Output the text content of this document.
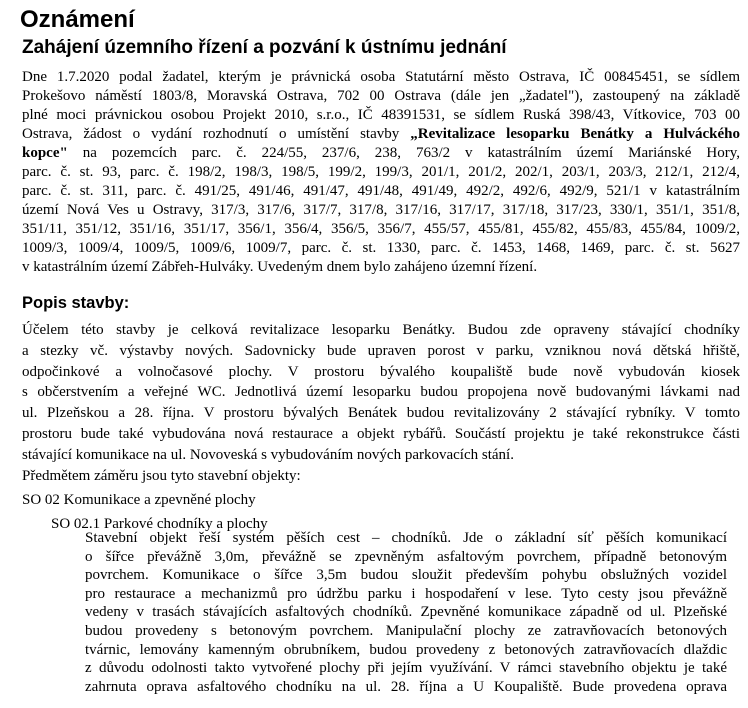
Oznámení
Zahájení územního řízení a pozvání k ústnímu jednání
Dne 1.7.2020 podal žadatel, kterým je právnická osoba Statutární město Ostrava, IČ 00845451, se sídlem
Prokešovo náměstí 1803/8, Moravská Ostrava, 702 00 Ostrava (dále jen „žadatel"), zastoupený na základě
plné moci právnickou osobou Projekt 2010, s.r.o., IČ 48391531, se sídlem Ruská 398/43, Vítkovice, 703 00
Ostrava, žádost o vydání rozhodnutí o umístění stavby „Revitalizace lesoparku Benátky a Hulváckého
kopce" na pozemcích parc. č. 224/55, 237/6, 238, 763/2 v katastrálním území Mariánské Hory,
parc. č. st. 93, parc. č. 198/2, 198/3, 198/5, 199/2, 199/3, 201/1, 201/2, 202/1, 203/1, 203/3, 212/1, 212/4,
parc. č. st. 311, parc. č. 491/25, 491/46, 491/47, 491/48, 491/49, 492/2, 492/6, 492/9, 521/1 v katastrálním
území Nová Ves u Ostravy, 317/3, 317/6, 317/7, 317/8, 317/16, 317/17, 317/18, 317/23, 330/1, 351/1, 351/8,
351/11, 351/12, 351/16, 351/17, 356/1, 356/4, 356/5, 356/7, 455/57, 455/81, 455/82, 455/83, 455/84, 1009/2,
1009/3, 1009/4, 1009/5, 1009/6, 1009/7, parc. č. st. 1330, parc. č. 1453, 1468, 1469, parc. č. st. 5627
v katastrálním území Zábřeh-Hulváky. Uvedeným dnem bylo zahájeno územní řízení.
Popis stavby:
Účelem této stavby je celková revitalizace lesoparku Benátky. Budou zde opraveny stávající chodníky
a stezky vč. výstavby nových. Sadovnicky bude upraven porost v parku, vzniknou nová dětská hřiště,
odpočinkové a volnočasové plochy. V prostoru bývalého koupaliště bude nově vybudován kiosek
s občerstvením a veřejné WC. Jednotlivá území lesoparku budou propojena nově budovanými lávkami nad
ul. Plzeňskou a 28. října. V prostoru bývalých Benátek budou revitalizovány 2 stávající rybníky. V tomto
prostoru bude také vybudována nová restaurace a objekt rybářů. Součástí projektu je také rekonstrukce části
stávající komunikace na ul. Novoveská s vybudováním nových parkovacích stání.
Předmětem záměru jsou tyto stavební objekty:
SO 02 Komunikace a zpevněné plochy
SO 02.1 Parkové chodníky a plochy
Stavební objekt řeší systém pěších cest – chodníků. Jde o základní síť pěších komunikací
o šířce převážně 3,0m, převážně se zpevněným asfaltovým povrchem, případně betonovým
povrchem. Komunikace o šířce 3,5m budou sloužit především pohybu obslužných vozidel
pro restaurace a mechanizmů pro údržbu parku i hospodaření v lese. Tyto cesty jsou převážně
vedeny v trasách stávajících asfaltových chodníků. Zpevněné komunikace západně od ul. Plzeňské
budou provedeny s betonovým povrchem. Manipulační plochy ze zatravňovacích betonových
tvárnic, lemovány kamenným obrubníkem, budou provedeny z betonových zatravňovacích dlaždic
z důvodu odolnosti takto vytvořené plochy při jejím využívání. V rámci stavebního objektu je také
zahrnuta oprava asfaltového chodníku na ul. 28. října a U Koupaliště. Bude provedena oprava
